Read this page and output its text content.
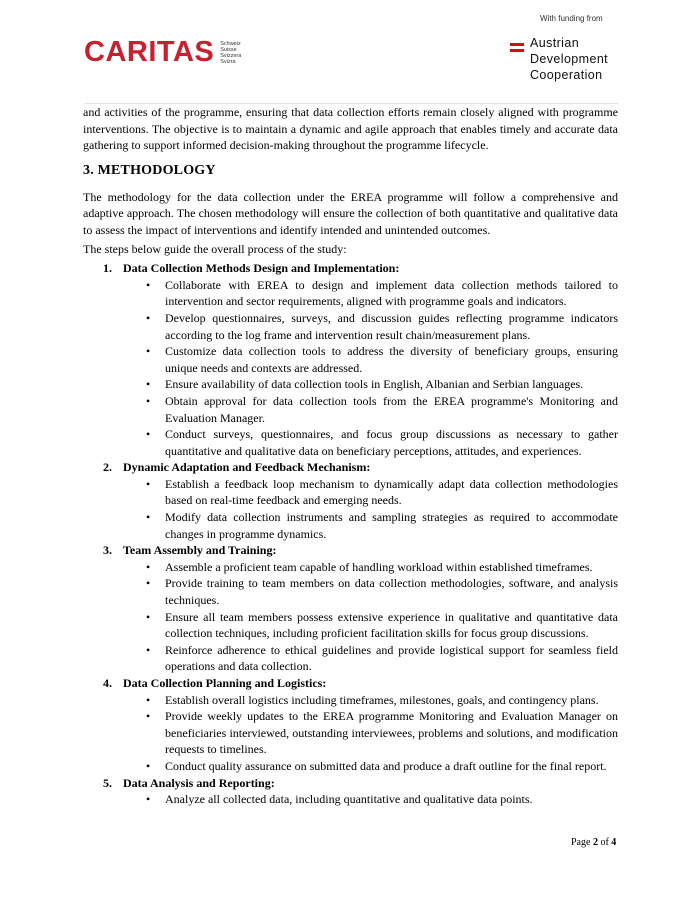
CARITAS Schweiz
Suisse
Svizzera
Svizra
With funding from
Austrian
Development
Cooperation

and activities of the programme, ensuring that data collection efforts remain closely aligned with programme interventions. The objective is to maintain a dynamic and agile approach that enables timely and accurate data gathering to support informed decision-making throughout the programme lifecycle.

3. METHODOLOGY

The methodology for the data collection under the EREA programme will follow a comprehensive and adaptive approach. The chosen methodology will ensure the collection of both quantitative and qualitative data to assess the impact of interventions and identify intended and unintended outcomes.

The steps below guide the overall process of the study:

1. Data Collection Methods Design and Implementation:
• Collaborate with EREA to design and implement data collection methods tailored to intervention and sector requirements, aligned with programme goals and indicators.
• Develop questionnaires, surveys, and discussion guides reflecting programme indicators according to the log frame and intervention result chain/measurement plans.
• Customize data collection tools to address the diversity of beneficiary groups, ensuring unique needs and contexts are addressed.
• Ensure availability of data collection tools in English, Albanian and Serbian languages.
• Obtain approval for data collection tools from the EREA programme's Monitoring and Evaluation Manager.
• Conduct surveys, questionnaires, and focus group discussions as necessary to gather quantitative and qualitative data on beneficiary perceptions, attitudes, and experiences.
2. Dynamic Adaptation and Feedback Mechanism:
• Establish a feedback loop mechanism to dynamically adapt data collection methodologies based on real-time feedback and emerging needs.
• Modify data collection instruments and sampling strategies as required to accommodate changes in programme dynamics.
3. Team Assembly and Training:
• Assemble a proficient team capable of handling workload within established timeframes.
• Provide training to team members on data collection methodologies, software, and analysis techniques.
• Ensure all team members possess extensive experience in qualitative and quantitative data collection techniques, including proficient facilitation skills for focus group discussions.
• Reinforce adherence to ethical guidelines and provide logistical support for seamless field operations and data collection.
4. Data Collection Planning and Logistics:
• Establish overall logistics including timeframes, milestones, goals, and contingency plans.
• Provide weekly updates to the EREA programme Monitoring and Evaluation Manager on beneficiaries interviewed, outstanding interviewees, problems and solutions, and modification requests to timelines.
• Conduct quality assurance on submitted data and produce a draft outline for the final report.
5. Data Analysis and Reporting:
• Analyze all collected data, including quantitative and qualitative data points.
Page 2 of 4
